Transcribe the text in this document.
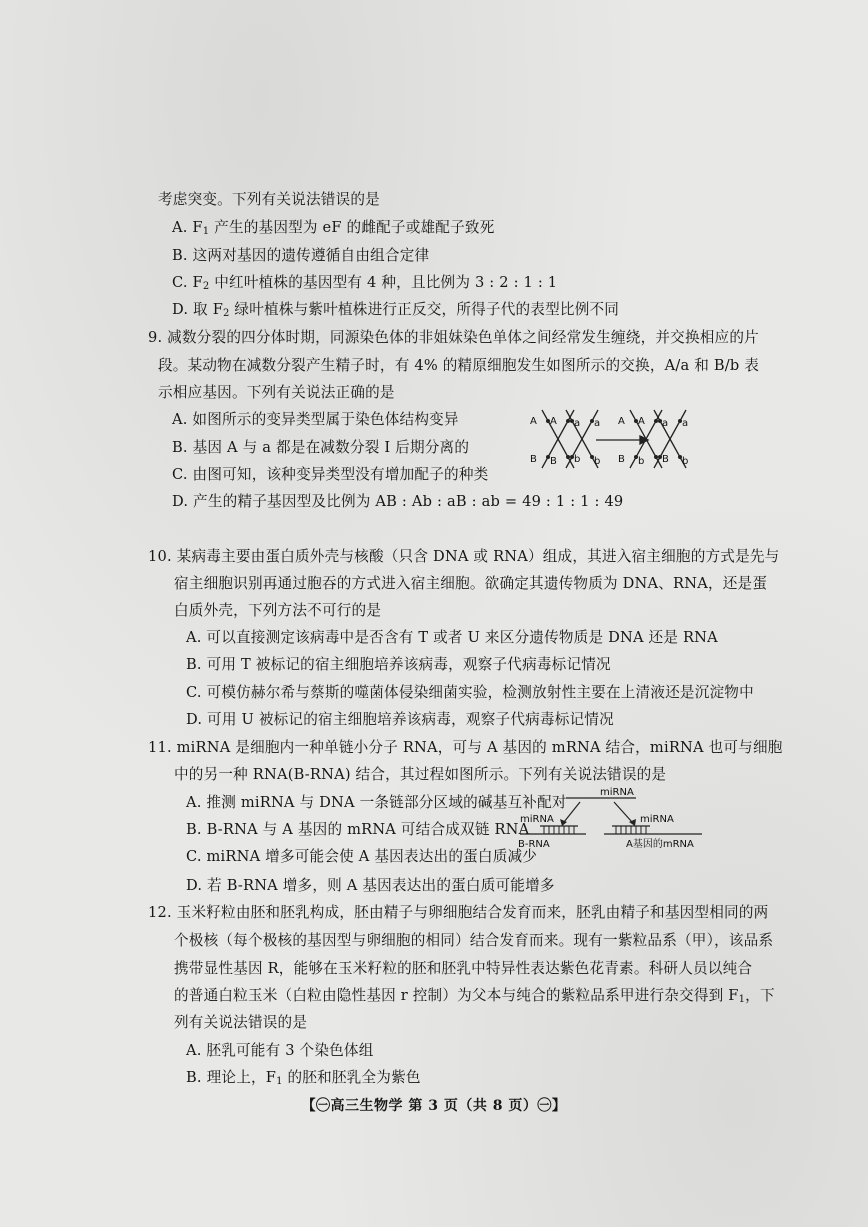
考虑突变。下列有关说法错误的是
A. $F_1$ 产生的基因型为 eF 的雌配子或雄配子致死
B. 这两对基因的遗传遵循自由组合定律
C. $F_2$ 中红叶植株的基因型有 4 种，且比例为 3 : 2 : 1 : 1
D. 取 $F_2$ 绿叶植株与紫叶植株进行正反交，所得子代的表型比例不同
9. 减数分裂的四分体时期，同源染色体的非姐妹染色单体之间经常发生缠绕，并交换相应的片
段。某动物在减数分裂产生精子时，有 4% 的精原细胞发生如图所示的交换，A/a 和 B/b 表
示相应基因。下列有关说法正确的是
A. 如图所示的变异类型属于染色体结构变异
B. 基因 A 与 a 都是在减数分裂 Ⅰ 后期分离的
C. 由图可知，该种变异类型没有增加配子的种类
D. 产生的精子基因型及比例为 AB : Ab : aB : ab = 49 : 1 : 1 : 49
A A a a
B B b b
A A a a
B b B b
10. 某病毒主要由蛋白质外壳与核酸（只含 DNA 或 RNA）组成，其进入宿主细胞的方式是先与
宿主细胞识别再通过胞吞的方式进入宿主细胞。欲确定其遗传物质为 DNA、RNA，还是蛋
白质外壳，下列方法不可行的是
A. 可以直接测定该病毒中是否含有 T 或者 U 来区分遗传物质是 DNA 还是 RNA
B. 可用 T 被标记的宿主细胞培养该病毒，观察子代病毒标记情况
C. 可模仿赫尔希与蔡斯的噬菌体侵染细菌实验，检测放射性主要在上清液还是沉淀物中
D. 可用 U 被标记的宿主细胞培养该病毒，观察子代病毒标记情况
11. miRNA 是细胞内一种单链小分子 RNA，可与 A 基因的 mRNA 结合，miRNA 也可与细胞
中的另一种 RNA(B-RNA) 结合，其过程如图所示。下列有关说法错误的是
A. 推测 miRNA 与 DNA 一条链部分区域的碱基互补配对
B. B-RNA 与 A 基因的 mRNA 可结合成双链 RNA
C. miRNA 增多可能会使 A 基因表达出的蛋白质减少
D. 若 B-RNA 增多，则 A 基因表达出的蛋白质可能增多
miRNA
miRNA	miRNA
B-RNA	A基因的mRNA
12. 玉米籽粒由胚和胚乳构成，胚由精子与卵细胞结合发育而来，胚乳由精子和基因型相同的两
个极核（每个极核的基因型与卵细胞的相同）结合发育而来。现有一紫粒品系（甲），该品系
携带显性基因 R，能够在玉米籽粒的胚和胚乳中特异性表达紫色花青素。科研人员以纯合
的普通白粒玉米（白粒由隐性基因 r 控制）为父本与纯合的紫粒品系甲进行杂交得到 $F_1$，下
列有关说法错误的是
A. 胚乳可能有 3 个染色体组
B. 理论上，$F_1$ 的胚和胚乳全为紫色
【㊀高三生物学 第 3 页（共 8 页）㊀】
